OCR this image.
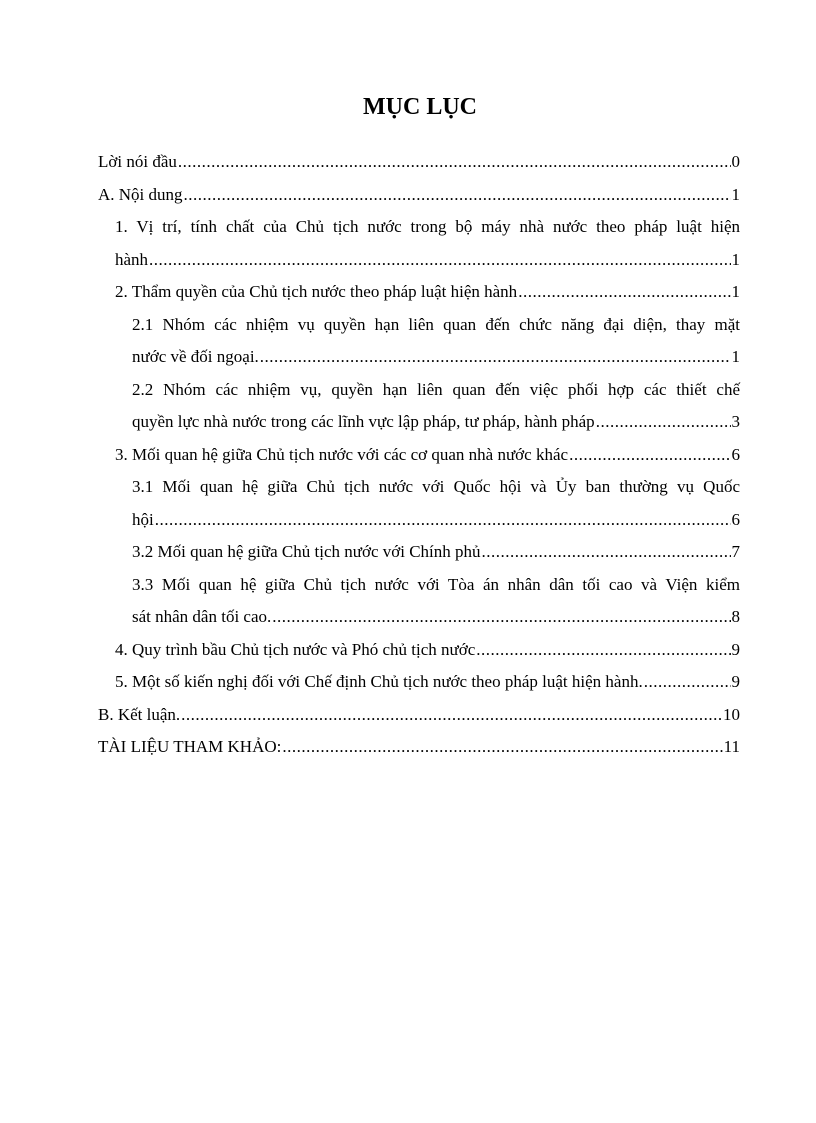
MỤC LỤC
Lời nói đầu .....	0
A. Nội dung .....	1
1. Vị trí, tính chất của Chủ tịch nước trong bộ máy nhà nước theo pháp luật hiện
hành .....	1
2. Thẩm quyền của Chủ tịch nước theo pháp luật hiện hành .....	1
2.1 Nhóm các nhiệm vụ quyền hạn liên quan đến chức năng đại diện, thay mặt
nước về đối ngoại. .....	1
2.2 Nhóm các nhiệm vụ, quyền hạn liên quan đến việc phối hợp các thiết chế
quyền lực nhà nước trong các lĩnh vực lập pháp, tư pháp, hành pháp .....	3
3. Mối quan hệ giữa Chủ tịch nước với các cơ quan nhà nước khác .....	6
3.1 Mối quan hệ giữa Chủ tịch nước với Quốc hội và Ủy ban thường vụ Quốc
hội .....	6
3.2 Mối quan hệ giữa Chủ tịch nước với Chính phủ .....	7
3.3 Mối quan hệ giữa Chủ tịch nước với Tòa án nhân dân tối cao và Viện kiểm
sát nhân dân tối cao. .....	8
4. Quy trình bầu Chủ tịch nước và Phó chủ tịch nước .....	9
5. Một số kiến nghị đối với Chế định Chủ tịch nước theo pháp luật hiện hành. .....	9
B. Kết luận. .....	10
TÀI LIỆU THAM KHẢO: .....	11
